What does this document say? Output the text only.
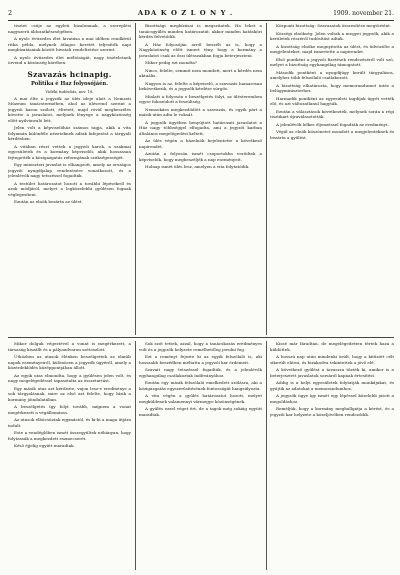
2	ADA K O Z L O N Y .	1909. november 21.

tisztet csüje az egyleti bizalomnak, a szereplési nagyszerű áldozatkészségében.

A nyolc évtizedes élet hivatása a mai időben rendkívül ritka példa, melynek átlagos keretét teljesítők napi megbízatásaink között hivatali rendeltetése szerint.

A nyolc évtizedes élet méltóságát, nagy tiszteletnek örvend a közönség körében.

Szavazás hcinapig.
Politika é Haz folyosójáén.
Vidéki tudósítás, nov. 18.

A mai élte a jegyzők az ülés ideje alatt a Nemzeti Múzeum tanácstermében, ahol az ülésrend szerint a jegyzői karon szólott, éltetett, majd rövid megbeszélés követte a javaslatot, melynek lényege a nagyközönség előtt nyilvánvaló lett.

Jelen volt a képviselőház számos tagja, akik a vita folyamán különféle nézeteknek adtak kifejezést a tárgyalt kérdésben.

A vitában részt vettek a jegyzői karok, a szakmai egyesületek és a kormány képviselői, akik hosszasan fejtegették a közigazgatás reformjának szükségességét.

Egy miniszteri javaslat is elhangzott, amely az országos jegyzői nyugdíjalap rendezésére vonatkozott, és a jelenlévők nagy tetszéssel fogadták.

A testület határozatot hozott a további lépésekről és azok módjáról, melyet a legközelebbi gyűlésen fognak véglegesíteni.

Ezután az elnök bezárta az ülést.

Bizottsági megbízásai is megszűntek. Ha lehet a tanácsgyűlés minden határozatát, akkor minden hatásköri kérdés felvetődik.

A Ház folyosóján arról beszélt az is, hogy a Nagyközönség előtt ismert tény, hogy a kormány a javaslatot csak az őszi ülésszakban fogja beterjeszteni.

Mikor pedig ezt mondta?

Nincs, felelte, semmit nem mondott, mert a kérdés nem aktuális.

Nagyon is az, felelte a képviselő, a szavazás hamarosan bekövetkezik, és a jegyzők kérdése sürgős.

Mialatt a folyosón e beszélgetés folyt, az ülésteremben egyre fokozódott a feszültség.

Nemsokára megkezdődött a szavazás, és egyik párt a másik után adta le voksát.

A jegyzők ügyében benyújtott határozati javaslatot a Ház nagy többséggel elfogadta, ami a jegyzői karban általános megelégedést keltett.

Az ülés végén a házelnök bejelentette a következő napirendet.

Azután a folyosón ismét csoportokba verődtek a képviselők, hogy megbeszéljék a nap eseményeit.

Holnap ismét ülés lesz, amelyen a vita folytatódik.

Központi bizottság: Szavazatok összesítése megtörtént.

Községi elnökség: Jelen voltak a megyei jegyzők, akik a kerületek részéről tudósítást adtak.

A bizottság elnöke megnyitotta az ülést, és üdvözölte a megjelenteket, majd ismertette a napirendet.

Első pontként a jegyzői fizetések rendezéséről volt szó, melyet a bizottság egyhangúlag támogatott.

Második pontként a nyugdíjügy került tárgyalásra, amelyhez több felszólaló csatlakozott.

A bizottság elhatározta, hogy memorandumot intéz a belügyminiszterhez.

Harmadik pontként az egyesületi tagdíjak ügyét vették elő, és azt változatlanul hagyták.

Ezután a választások következtek, melynek során a régi tisztikart újraválasztották.

A jelenlévők lelkes éljenzéssel fogadták az eredményt.

Végül az elnök köszönetet mondott a megjelenteknek és bezárta a gyűlést.

Mikor dolguk végeztével a vonat is megérkezett, a társaság kiszállt és a pályaudvaron szétoszlott.

Útközben az utasok élénken beszélgettek az elmúlt napok eseményeiről, különösen a jegyzők ügyéről, amely a közérdeklődés középpontjában állott.

Az egyik utas elmondta, hogy a gyűlésen jelen volt, és nagy megelégedéssel tapasztalta az összetartást.

Egy másik utas azt kérdezte, vajon lesz-e eredménye a sok tárgyalásnak, mire az első azt felelte, hogy bízik a kormány jóindulatában.

A beszélgetés így folyt tovább, mígnem a vonat megérkezett a végállomásra.

Az utasok elbúcsúztak egymástól, és ki-ki a maga útjára indult.

Este a vendéglőben ismét összegyűltek néhányan, hogy folytassák a megkezdett eszmecserét.

Késő éjjelig együtt maradtak.

Sok szót tettek, azzal, hogy a tanácskozás eredményes volt és a jegyzők helyzete remélhetőleg javulni fog.

Ezt a reményt fejezte ki az egyik felszólaló is, aki hosszabb beszédben méltatta a jegyzői kar érdemeit.

Szavait nagy tetszéssel fogadták, és a jelenlévők egyhangúlag csatlakoztak indítványához.

Ezután egy másik felszólaló emelkedett szólásra, aki a közigazgatás egyszerűsítésének fontosságát hangsúlyozta.

A vita végén a gyűlés határozatot hozott, melyet megküldenek valamennyi vármegye közönségének.

A gyűlés ezzel véget ért, de a tagok még sokáig együtt maradtak.

Kissé már fáradtan, de megelégedetten tértek haza a küldöttek.

A hosszú nap után mindenki örült, hogy a kitűzött célt sikerült elérni, és bizakodva tekintettek a jövő elé.

A következő gyűlést a tavaszra tűzték ki, amikor is a beterjesztett javaslatok sorsáról kapnak értesítést.

Addig is a helyi egyesületek folytatják munkájukat, és gyűjtik az adatokat a memorandumhoz.

A jegyzők ügye így ismét egy lépéssel közelebb jutott a megoldáshoz.

Reméljük, hogy a kormány meghallgatja a kérést, és a jegyzői kar helyzete a közeljövőben rendeződik.
